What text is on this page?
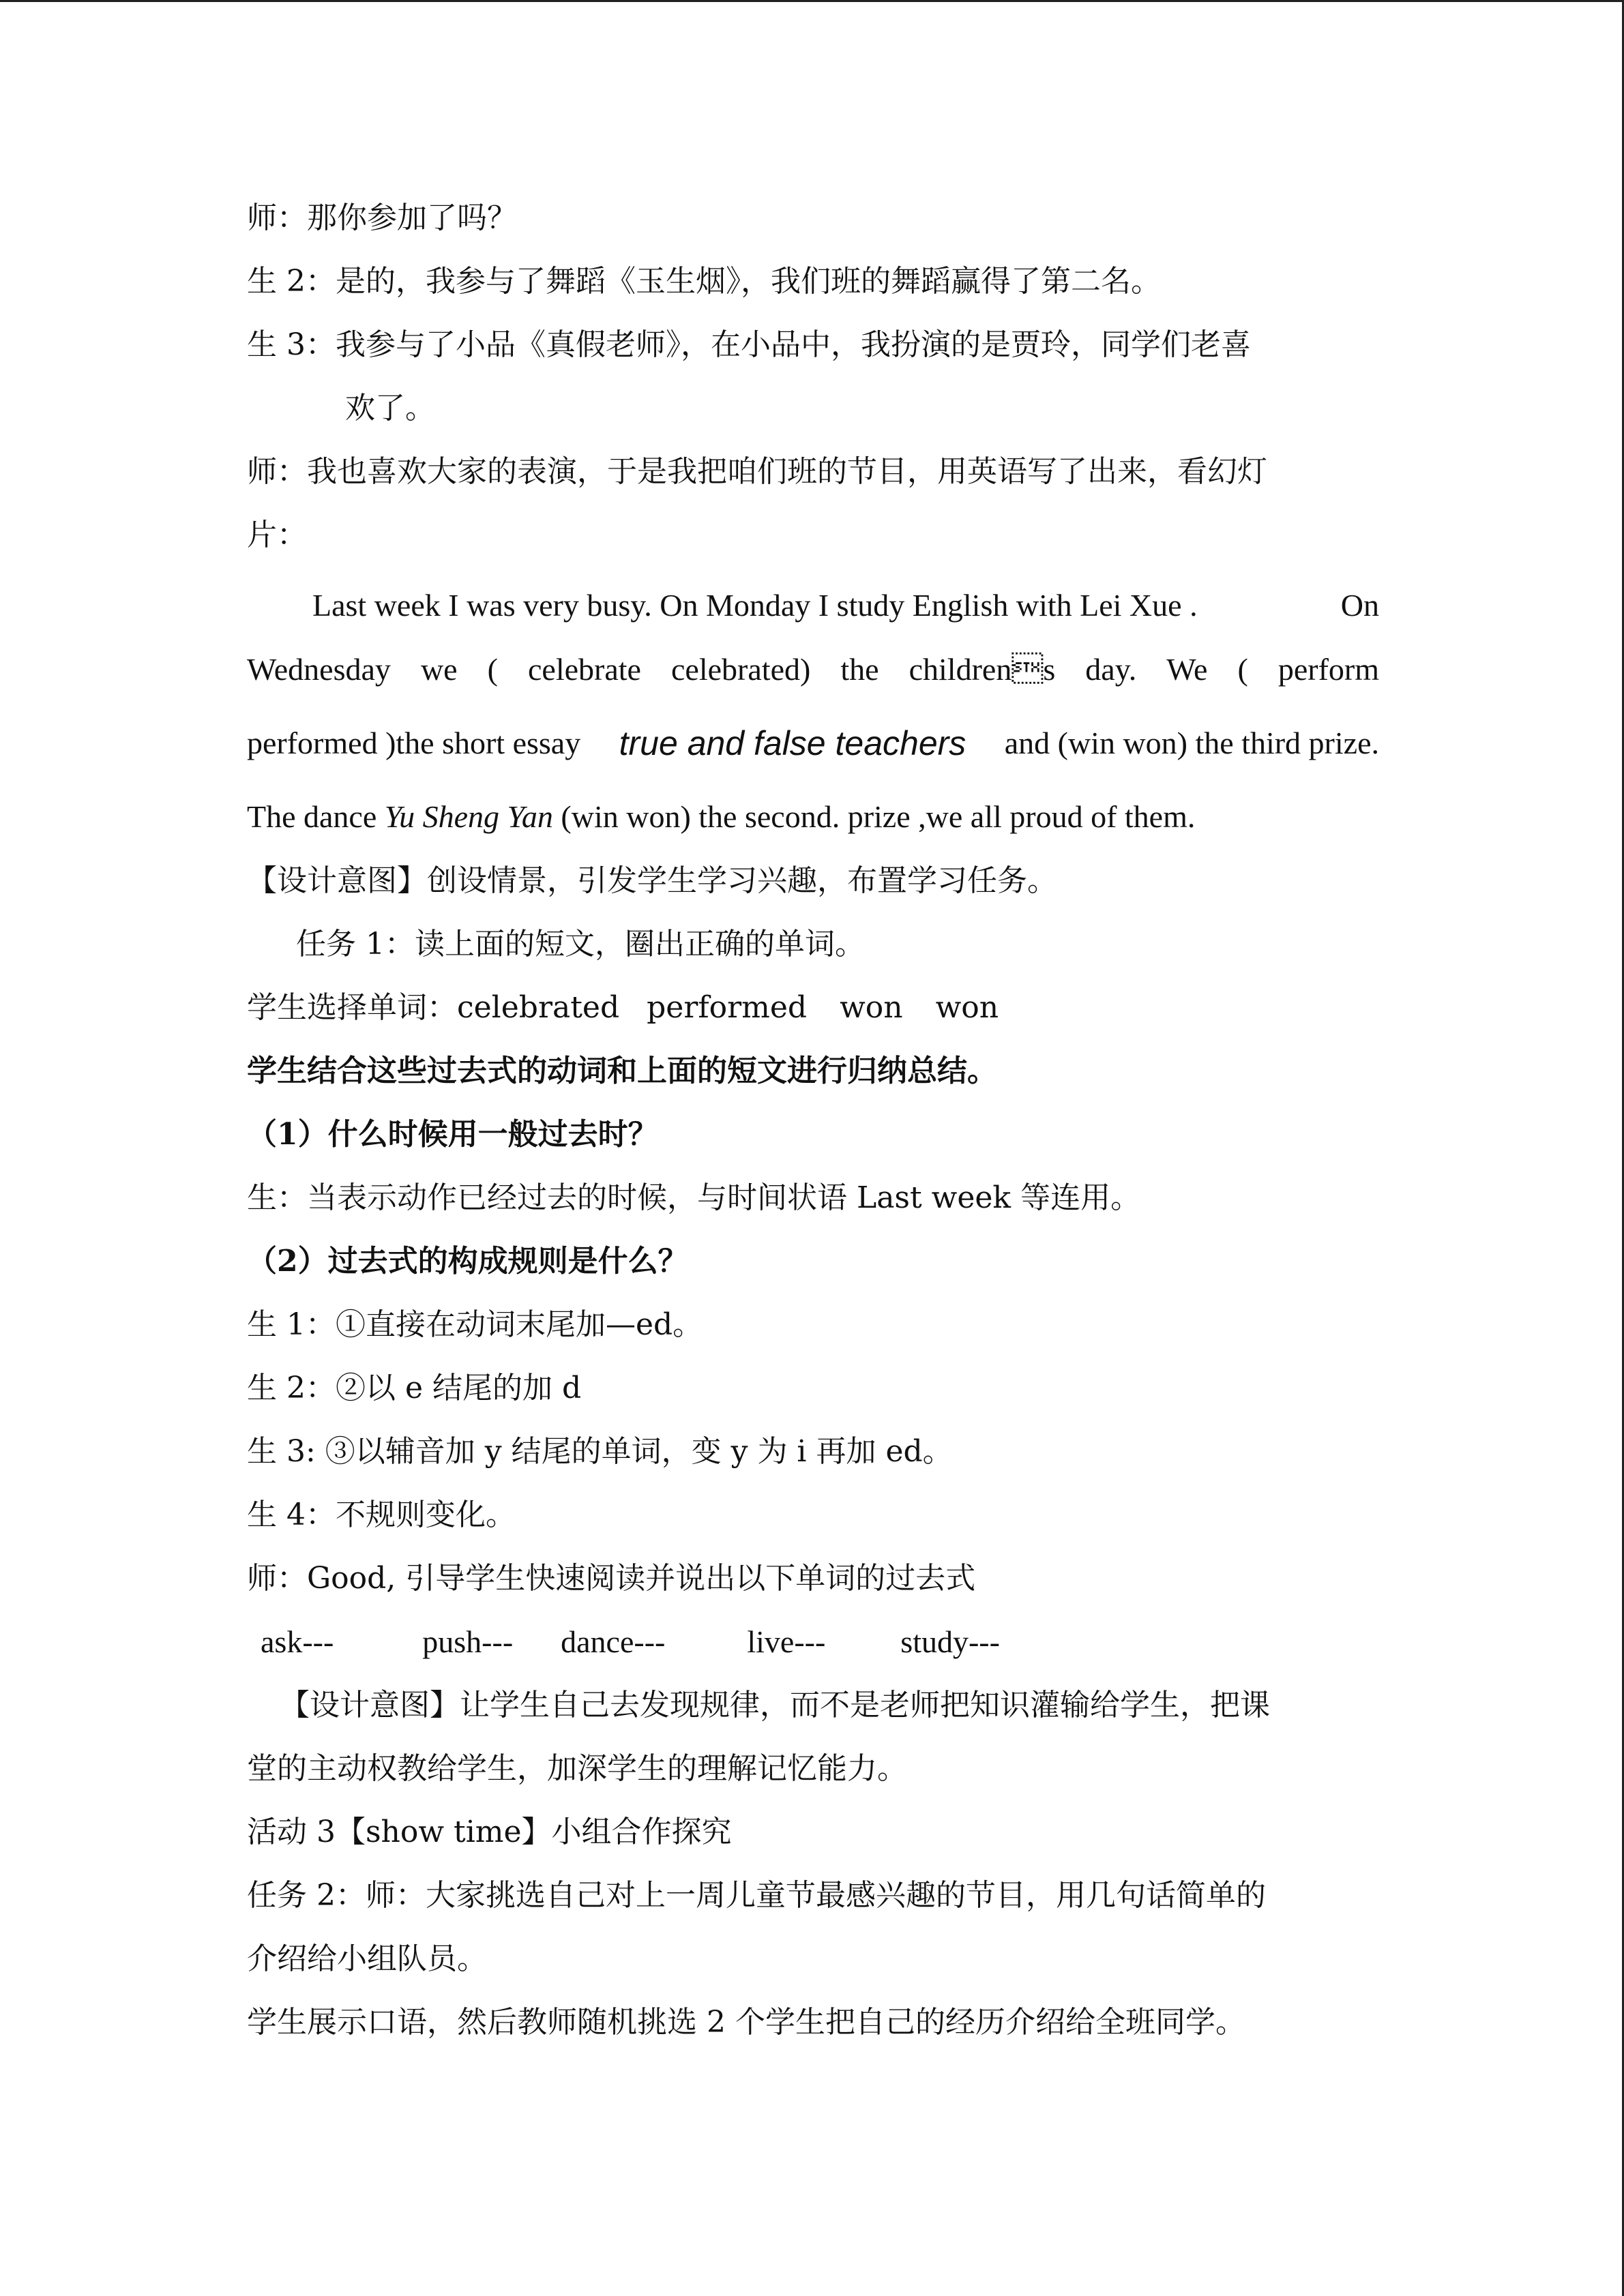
师：那你参加了吗？
生 2：是的，我参与了舞蹈《玉生烟》，我们班的舞蹈赢得了第二名。
生 3：我参与了小品《真假老师》，在小品中，我扮演的是贾玲，同学们老喜
欢了。
师：我也喜欢大家的表演，于是我把咱们班的节目，用英语写了出来，看幻灯
片：
Last week I was very busy. On Monday I study English with Lei Xue .	On
Wednesday we ( celebrate celebrated) the childrens day. We ( perform
performed )the short essay true and false teachers and (win won) the third prize.
The dance Yu Sheng Yan (win won) the second. prize ,we all proud of them.
【设计意图】创设情景，引发学生学习兴趣，布置学习任务。
任务 1：读上面的短文，圈出正确的单词。
学生选择单词：celebrated performed won won
学生结合这些过去式的动词和上面的短文进行归纳总结。
（1）什么时候用一般过去时？
生：当表示动作已经过去的时候，与时间状语 Last week 等连用。
（2）过去式的构成规则是什么？
生 1：①直接在动词末尾加—ed。
生 2：②以 e 结尾的加 d
生 3: ③以辅音加 y 结尾的单词，变 y 为 i 再加 ed。
生 4：不规则变化。
师：Good, 引导学生快速阅读并说出以下单词的过去式
ask---	push--- dance---	live--- study---
【设计意图】让学生自己去发现规律，而不是老师把知识灌输给学生，把课
堂的主动权教给学生，加深学生的理解记忆能力。
活动 3【show time】小组合作探究
任务 2：师：大家挑选自己对上一周儿童节最感兴趣的节目，用几句话简单的
介绍给小组队员。
学生展示口语，然后教师随机挑选 2 个学生把自己的经历介绍给全班同学。
